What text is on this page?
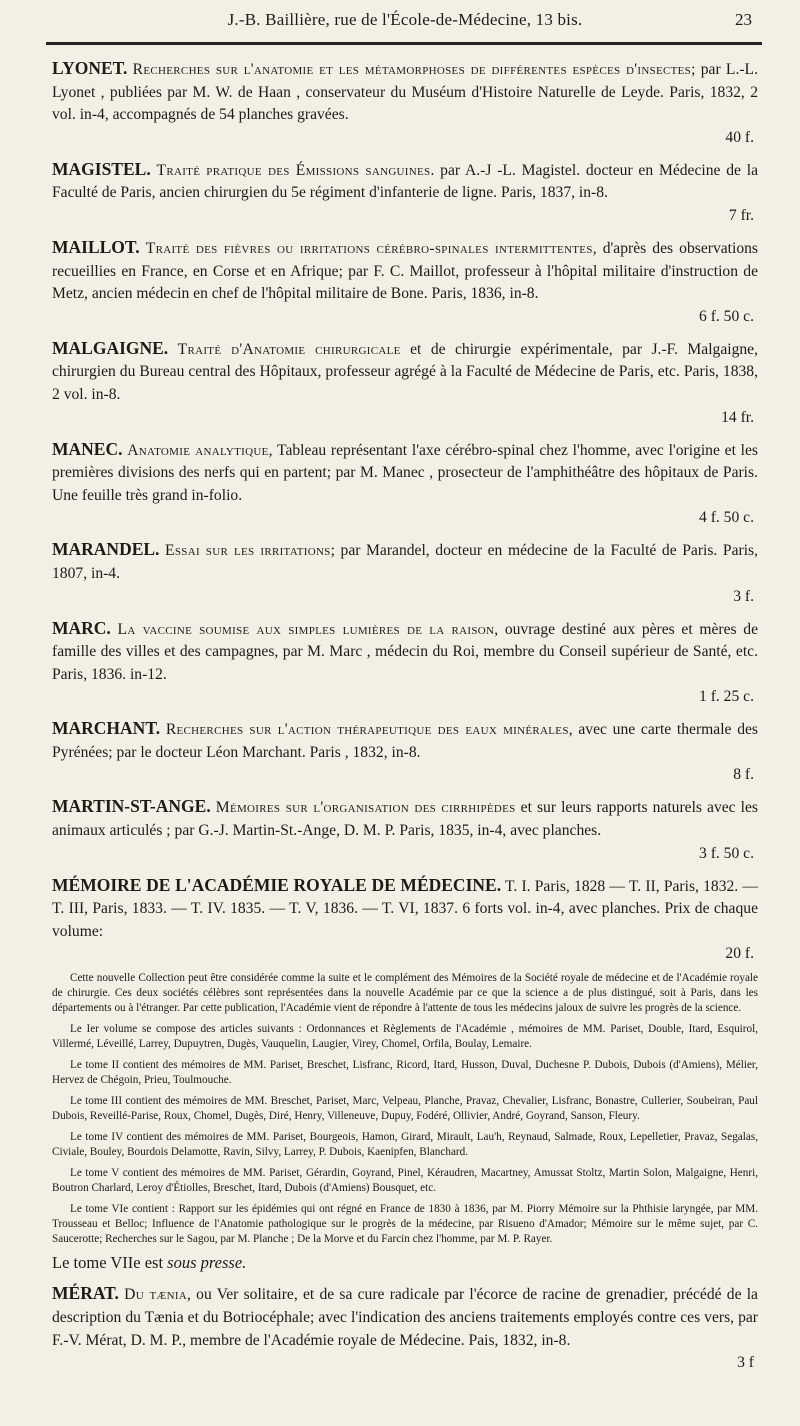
J.-B. Baillière, rue de l'École-de-Médecine, 13 bis.	23

LYONET. Recherches sur l'anatomie et les métamorphoses de différentes espèces d'insectes; par L.-L. Lyonet , publiées par M. W. de Haan , conservateur du Muséum d'Histoire Naturelle de Leyde. Paris, 1832, 2 vol. in-4, accompagnés de 54 planches gravées.
40 f.

MAGISTEL. Traité pratique des Émissions sanguines. par A.-J -L. Magistel. docteur en Médecine de la Faculté de Paris, ancien chirurgien du 5e régiment d'infanterie de ligne. Paris, 1837, in-8.
7 fr.

MAILLOT. Traité des fièvres ou irritations cérébro-spinales intermittentes, d'après des observations recueillies en France, en Corse et en Afrique; par F. C. Maillot, professeur à l'hôpital militaire d'instruction de Metz, ancien médecin en chef de l'hôpital militaire de Bone. Paris, 1836, in-8.
6 f. 50 c.

MALGAIGNE. Traité d'Anatomie chirurgicale et de chirurgie expérimentale, par J.-F. Malgaigne, chirurgien du Bureau central des Hôpitaux, professeur agrégé à la Faculté de Médecine de Paris, etc. Paris, 1838, 2 vol. in-8.
14 fr.

MANEC. Anatomie analytique, Tableau représentant l'axe cérébro-spinal chez l'homme, avec l'origine et les premières divisions des nerfs qui en partent; par M. Manec , prosecteur de l'amphithéâtre des hôpitaux de Paris. Une feuille très grand in-folio.
4 f. 50 c.

MARANDEL. Essai sur les irritations; par Marandel, docteur en médecine de la Faculté de Paris. Paris, 1807, in-4.
3 f.

MARC. La vaccine soumise aux simples lumières de la raison, ouvrage destiné aux pères et mères de famille des villes et des campagnes, par M. Marc , médecin du Roi, membre du Conseil supérieur de Santé, etc. Paris, 1836. in-12.
1 f. 25 c.

MARCHANT. Recherches sur l'action thérapeutique des eaux minérales, avec une carte thermale des Pyrénées; par le docteur Léon Marchant. Paris , 1832, in-8.
8 f.

MARTIN-ST-ANGE. Mémoires sur l'organisation des cirrhipèdes et sur leurs rapports naturels avec les animaux articulés ; par G.-J. Martin-St.-Ange, D. M. P. Paris, 1835, in-4, avec planches.
3 f. 50 c.

MÉMOIRE DE L'ACADÉMIE ROYALE DE MÉDECINE. T. I. Paris, 1828 — T. II, Paris, 1832. — T. III, Paris, 1833. — T. IV. 1835. — T. V, 1836. — T. VI, 1837. 6 forts vol. in-4, avec planches. Prix de chaque volume:
20 f.

Cette nouvelle Collection peut être considérée comme la suite et le complément des Mémoires de la Société royale de médecine et de l'Académie royale de chirurgie. Ces deux sociétés célèbres sont représentées dans la nouvelle Académie par ce que la science a de plus distingué, soit à Paris, dans les départements ou à l'étranger. Par cette publication, l'Académie vient de répondre à l'attente de tous les médecins jaloux de suivre les progrès de la science.

Le Ier volume se compose des articles suivants : Ordonnances et Règlements de l'Académie , mémoires de MM. Pariset, Double, Itard, Esquirol, Villermé, Léveillé, Larrey, Dupuytren, Dugès, Vauquelin, Laugier, Virey, Chomel, Orfila, Boulay, Lemaire.

Le tome II contient des mémoires de MM. Pariset, Breschet, Lisfranc, Ricord, Itard, Husson, Duval, Duchesne P. Dubois, Dubois (d'Amiens), Mélier, Hervez de Chégoin, Prieu, Toulmouche.

Le tome III contient des mémoires de MM. Breschet, Pariset, Marc, Velpeau, Planche, Pravaz, Chevalier, Lisfranc, Bonastre, Cullerier, Soubeiran, Paul Dubois, Reveillé-Parise, Roux, Chomel, Dugès, Diré, Henry, Villeneuve, Dupuy, Fodéré, Ollivier, André, Goyrand, Sanson, Fleury.

Le tome IV contient des mémoires de MM. Pariset, Bourgeois, Hamon, Girard, Mirault, Lau'h, Reynaud, Salmade, Roux, Lepelletier, Pravaz, Segalas, Civiale, Bouley, Bourdois Delamotte, Ravin, Silvy, Larrey, P. Dubois, Kaenipfen, Blanchard.

Le tome V contient des mémoires de MM. Pariset, Gérardin, Goyrand, Pinel, Kéraudren, Macartney, Amussat Stoltz, Martin Solon, Malgaigne, Henri, Boutron Charlard, Leroy d'Étiolles, Breschet, Itard, Dubois (d'Amiens) Bousquet, etc.

Le tome VIe contient : Rapport sur les épidémies qui ont régné en France de 1830 à 1836, par M. Piorry Mémoire sur la Phthisie laryngée, par MM. Trousseau et Belloc; Influence de l'Anatomie pathologique sur le progrès de la médecine, par Risueno d'Amador; Mémoire sur le même sujet, par C. Saucerotte; Recherches sur le Sagou, par M. Planche ; De la Morve et du Farcin chez l'homme, par M. P. Rayer.

Le tome VIIe est sous presse.

MÉRAT. Du tænia, ou Ver solitaire, et de sa cure radicale par l'écorce de racine de grenadier, précédé de la description du Tænia et du Botriocéphale; avec l'indication des anciens traitements employés contre ces vers, par F.-V. Mérat, D. M. P., membre de l'Académie royale de Médecine. Pais, 1832, in-8.
3 f
